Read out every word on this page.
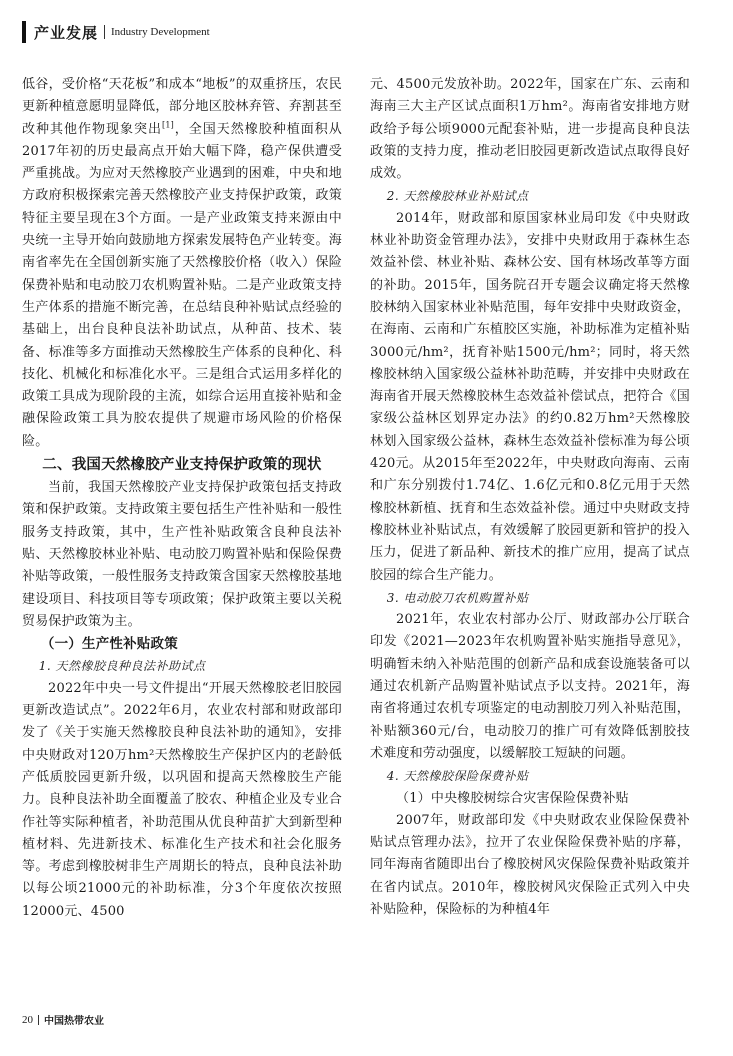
产业发展 Industry Development

低谷，受价格“天花板”和成本“地板”的双重挤压，农民更新种植意愿明显降低，部分地区胶林弃管、弃割甚至改种其他作物现象突出[1]，全国天然橡胶种植面积从2017年初的历史最高点开始大幅下降，稳产保供遭受严重挑战。为应对天然橡胶产业遇到的困难，中央和地方政府积极探索完善天然橡胶产业支持保护政策，政策特征主要呈现在3个方面。一是产业政策支持来源由中央统一主导开始向鼓励地方探索发展特色产业转变。海南省率先在全国创新实施了天然橡胶价格（收入）保险保费补贴和电动胶刀农机购置补贴。二是产业政策支持生产体系的措施不断完善，在总结良种补贴试点经验的基础上，出台良种良法补助试点，从种苗、技术、装备、标准等多方面推动天然橡胶生产体系的良种化、科技化、机械化和标准化水平。三是组合式运用多样化的政策工具成为现阶段的主流，如综合运用直接补贴和金融保险政策工具为胶农提供了规避市场风险的价格保险。

二、我国天然橡胶产业支持保护政策的现状

当前，我国天然橡胶产业支持保护政策包括支持政策和保护政策。支持政策主要包括生产性补贴和一般性服务支持政策，其中，生产性补贴政策含良种良法补贴、天然橡胶林业补贴、电动胶刀购置补贴和保险保费补贴等政策，一般性服务支持政策含国家天然橡胶基地建设项目、科技项目等专项政策；保护政策主要以关税贸易保护政策为主。

（一）生产性补贴政策

1. 天然橡胶良种良法补助试点

2022年中央一号文件提出“开展天然橡胶老旧胶园更新改造试点”。2022年6月，农业农村部和财政部印发了《关于实施天然橡胶良种良法补助的通知》，安排中央财政对120万hm²天然橡胶生产保护区内的老龄低产低质胶园更新升级，以巩固和提高天然橡胶生产能力。良种良法补助全面覆盖了胶农、种植企业及专业合作社等实际种植者，补助范围从优良种苗扩大到新型种植材料、先进新技术、标准化生产技术和社会化服务等。考虑到橡胶树非生产周期长的特点，良种良法补助以每公顷21000元的补助标准，分3个年度依次按照12000元、4500

元、4500元发放补助。2022年，国家在广东、云南和海南三大主产区试点面积1万hm²。海南省安排地方财政给予每公顷9000元配套补贴，进一步提高良种良法政策的支持力度，推动老旧胶园更新改造试点取得良好成效。

2. 天然橡胶林业补贴试点

2014年，财政部和原国家林业局印发《中央财政林业补助资金管理办法》，安排中央财政用于森林生态效益补偿、林业补贴、森林公安、国有林场改革等方面的补助。2015年，国务院召开专题会议确定将天然橡胶林纳入国家林业补贴范围，每年安排中央财政资金，在海南、云南和广东植胶区实施，补助标准为定植补贴3000元/hm²，抚育补贴1500元/hm²；同时，将天然橡胶林纳入国家级公益林补助范畴，并安排中央财政在海南省开展天然橡胶林生态效益补偿试点，把符合《国家级公益林区划界定办法》的约0.82万hm²天然橡胶林划入国家级公益林，森林生态效益补偿标准为每公顷420元。从2015年至2022年，中央财政向海南、云南和广东分别拨付1.74亿、1.6亿元和0.8亿元用于天然橡胶林新植、抚育和生态效益补偿。通过中央财政支持橡胶林业补贴试点，有效缓解了胶园更新和管护的投入压力，促进了新品种、新技术的推广应用，提高了试点胶园的综合生产能力。

3. 电动胶刀农机购置补贴

2021年，农业农村部办公厅、财政部办公厅联合印发《2021—2023年农机购置补贴实施指导意见》，明确暂未纳入补贴范围的创新产品和成套设施装备可以通过农机新产品购置补贴试点予以支持。2021年，海南省将通过农机专项鉴定的电动割胶刀列入补贴范围，补贴额360元/台，电动胶刀的推广可有效降低割胶技术难度和劳动强度，以缓解胶工短缺的问题。

4. 天然橡胶保险保费补贴

（1）中央橡胶树综合灾害保险保费补贴

2007年，财政部印发《中央财政农业保险保费补贴试点管理办法》，拉开了农业保险保费补贴的序幕，同年海南省随即出台了橡胶树风灾保险保费补贴政策并在省内试点。2010年，橡胶树风灾保险正式列入中央补贴险种，保险标的为种植4年

20 中国热带农业
